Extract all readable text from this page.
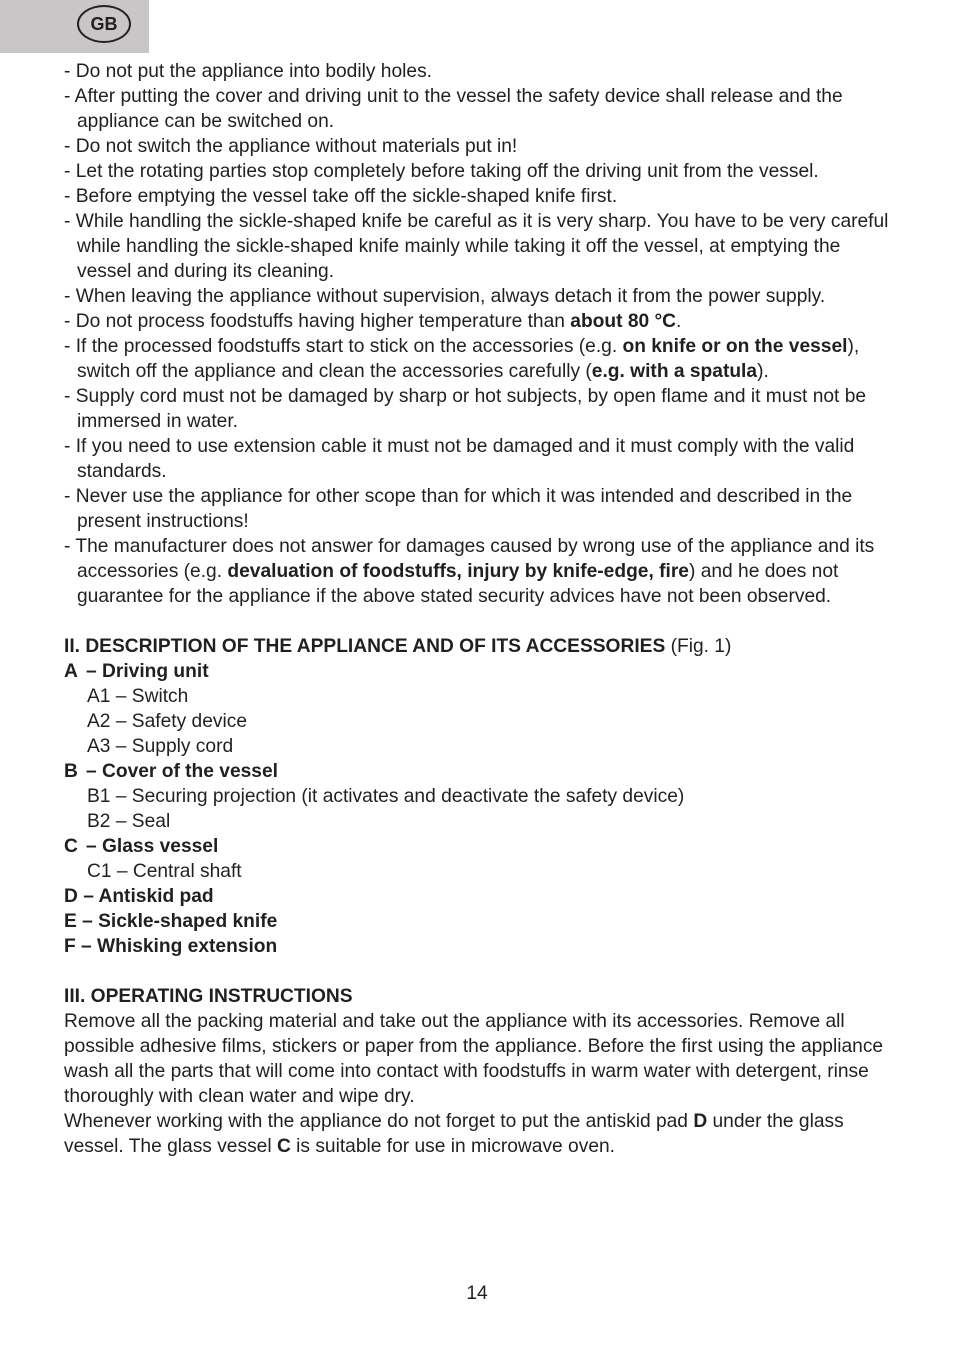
GB
- Do not put the appliance into bodily holes.
- After putting the cover and driving unit to the vessel the safety device shall release and the appliance can be switched on.
- Do not switch the appliance without materials put in!
- Let the rotating parties stop completely before taking off the driving unit from the vessel.
- Before emptying the vessel take off the sickle-shaped knife first.
- While handling the sickle-shaped knife be careful as it is very sharp. You have to be very careful while handling the sickle-shaped knife mainly while taking it off the vessel, at emptying the vessel and during its cleaning.
- When leaving the appliance without supervision, always detach it from the power supply.
- Do not process foodstuffs having higher temperature than about 80 °C.
- If the processed foodstuffs start to stick on the accessories (e.g. on knife or on the vessel), switch off the appliance and clean the accessories carefully (e.g. with a spatula).
- Supply cord must not be damaged by sharp or hot subjects, by open flame and it must not be immersed in water.
- If you need to use extension cable it must not be damaged and it must comply with the valid standards.
- Never use the appliance for other scope than for which it was intended and described in the present instructions!
- The manufacturer does not answer for damages caused by wrong use of the appliance and its accessories (e.g. devaluation of foodstuffs, injury by knife-edge, fire) and he does not guarantee for the appliance if the above stated security advices have not been observed.
II. DESCRIPTION OF THE APPLIANCE AND OF ITS ACCESSORIES (Fig. 1)
A – Driving unit
A1 – Switch
A2 – Safety device
A3 – Supply cord
B – Cover of the vessel
B1 – Securing projection (it activates and deactivate the safety device)
B2 – Seal
C – Glass vessel
C1 – Central shaft
D – Antiskid pad
E – Sickle-shaped knife
F – Whisking extension
III. OPERATING INSTRUCTIONS
Remove all the packing material and take out the appliance with its accessories. Remove all possible adhesive films, stickers or paper from the appliance. Before the first using the appliance wash all the parts that will come into contact with foodstuffs in warm water with detergent, rinse thoroughly with clean water and wipe dry.
Whenever working with the appliance do not forget to put the antiskid pad D under the glass vessel. The glass vessel C is suitable for use in microwave oven.
14
